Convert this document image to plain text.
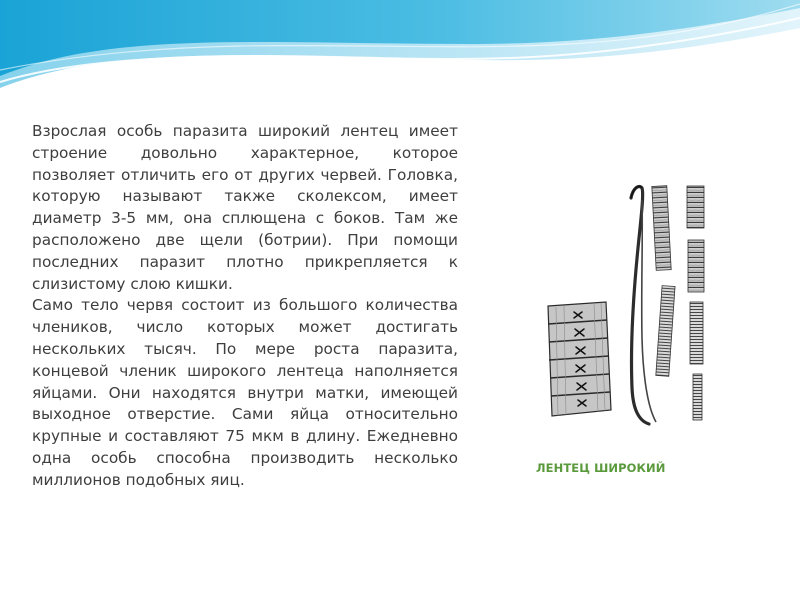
Взрослая особь паразита широкий лентец имеет строение довольно характерное, которое позволяет отличить его от других червей. Головка, которую называют также сколексом, имеет диаметр 3-5 мм, она сплющена с боков. Там же расположено две щели (ботрии). При помощи последних паразит плотно прикрепляется к слизистому слою кишки.

Само тело червя состоит из большого количества члеников, число которых может достигать нескольких тысяч. По мере роста паразита, концевой членик широкого лентеца наполняется яйцами. Они находятся внутри матки, имеющей выходное отверстие. Сами яйца относительно крупные и составляют 75 мкм в длину. Ежедневно одна особь способна производить несколько миллионов подобных яиц.

ЛЕНТЕЦ ШИРОКИЙ
